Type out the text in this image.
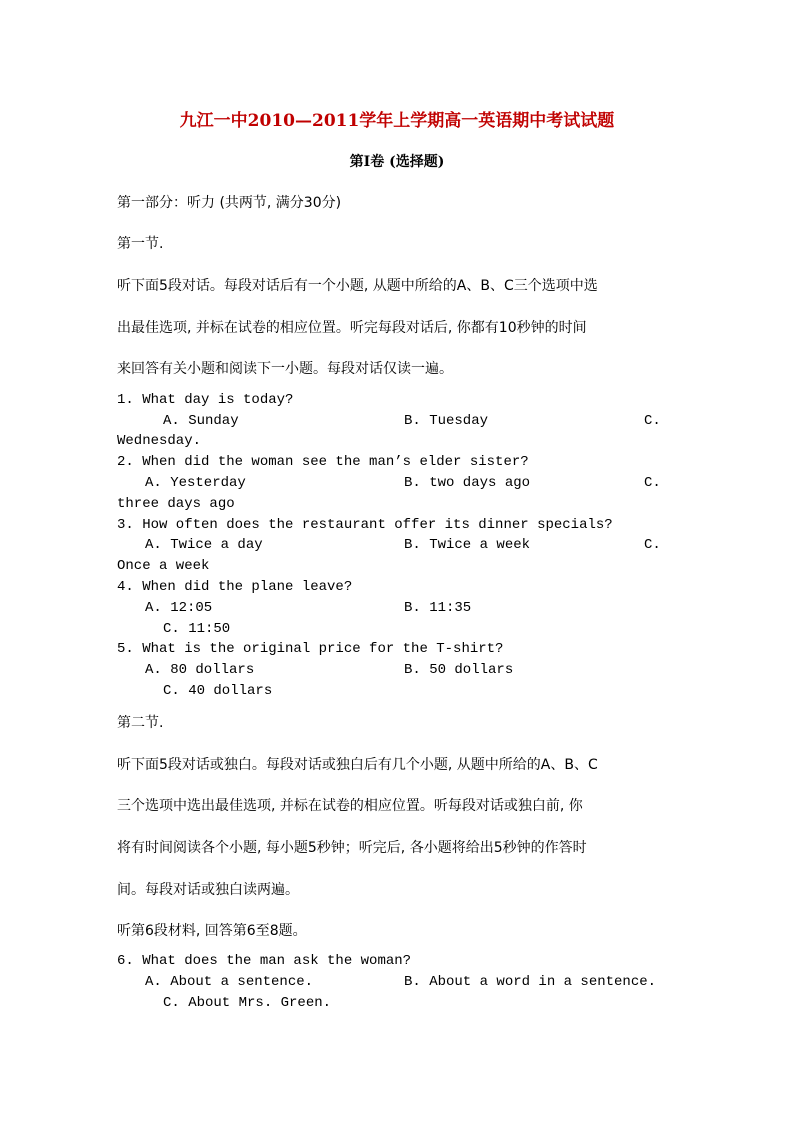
九江一中2010—2011学年上学期高一英语期中考试试题
第Ⅰ卷 (选择题)
第一部分：听力 (共两节, 满分30分)
第一节.
听下面5段对话。每段对话后有一个小题, 从题中所给的A、B、C三个选项中选
出最佳选项, 并标在试卷的相应位置。听完每段对话后, 你都有10秒钟的时间
来回答有关小题和阅读下一小题。每段对话仅读一遍。
1. What day is today?
A. Sunday	B. Tuesday	C.
Wednesday.
2. When did the woman see the man’s elder sister?
A. Yesterday	B. two days ago	C.
three days ago
3. How often does the restaurant offer its dinner specials?
A. Twice a day	B. Twice a week	C.
Once a week
4. When did the plane leave?
A. 12:05	B. 11:35
C. 11:50
5. What is the original price for the T-shirt?
A. 80 dollars	B. 50 dollars
C. 40 dollars
第二节.
听下面5段对话或独白。每段对话或独白后有几个小题, 从题中所给的A、B、C
三个选项中选出最佳选项, 并标在试卷的相应位置。听每段对话或独白前, 你
将有时间阅读各个小题, 每小题5秒钟；听完后, 各小题将给出5秒钟的作答时
间。每段对话或独白读两遍。
听第6段材料, 回答第6至8题。
6. What does the man ask the woman?
A. About a sentence.	B. About a word in a sentence.
C. About Mrs. Green.
